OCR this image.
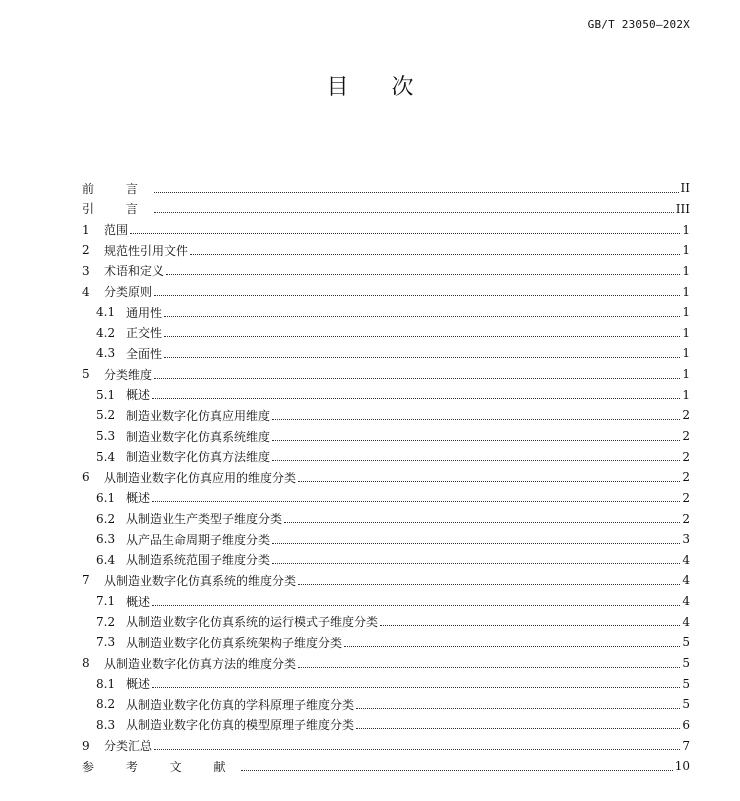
GB/T 23050—202X
目 次
前 言	II
引 言	III
1	范围	1
2	规范性引用文件	1
3	术语和定义	1
4	分类原则	1
4.1 通用性	1
4.2 正交性	1
4.3 全面性	1
5	分类维度	1
5.1 概述	1
5.2 制造业数字化仿真应用维度	2
5.3 制造业数字化仿真系统维度	2
5.4 制造业数字化仿真方法维度	2
6	从制造业数字化仿真应用的维度分类	2
6.1 概述	2
6.2 从制造业生产类型子维度分类	2
6.3 从产品生命周期子维度分类	3
6.4 从制造系统范围子维度分类	4
7	从制造业数字化仿真系统的维度分类	4
7.1 概述	4
7.2 从制造业数字化仿真系统的运行模式子维度分类	4
7.3 从制造业数字化仿真系统架构子维度分类	5
8	从制造业数字化仿真方法的维度分类	5
8.1 概述	5
8.2 从制造业数字化仿真的学科原理子维度分类	5
8.3 从制造业数字化仿真的模型原理子维度分类	6
9	分类汇总	7
参 考 文 献	10
